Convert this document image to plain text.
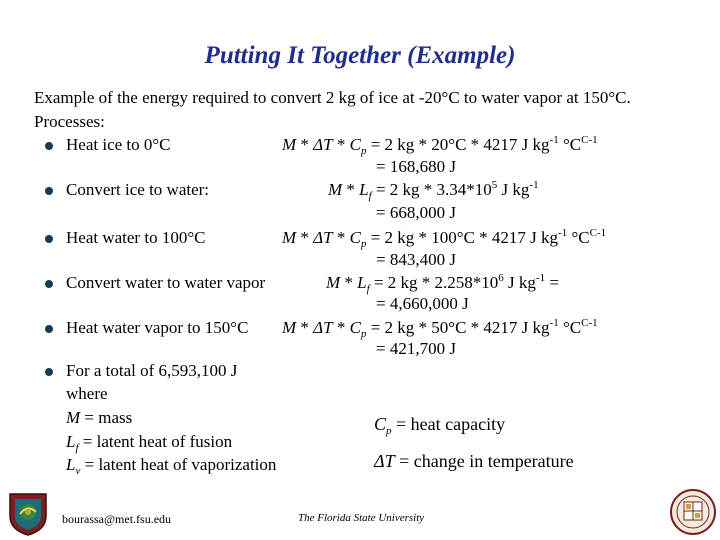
Putting It Together (Example)
Example of the energy required to convert 2 kg of ice at -20°C to water vapor at 150°C.
Processes:
Heat ice to 0°C	$M * \Delta T * C_p = 2$ kg * 20°C * 4217 J $kg^{-1}$ $^\circ C^{C-1}$
= 168,680 J
Convert ice to water:	$M * L_f = 2$ kg * $3.34*10^5$ J $kg^{-1}$
= 668,000 J
Heat water to 100°C	$M * \Delta T * C_p = 2$ kg * 100°C * 4217 J $kg^{-1}$ $^\circ C^{C-1}$
= 843,400 J
Convert water to water vapor	$M * L_f = 2$ kg * $2.258*10^6$ J $kg^{-1}$ =
= 4,660,000 J
Heat water vapor to 150°C $M * \Delta T * C_p = 2$ kg * 50°C * 4217 J $kg^{-1}$ $^\circ C^{C-1}$
= 421,700 J
For a total of 6,593,100 J
where
M = mass
$L_f$ = latent heat of fusion
$L_v$ = latent heat of vaporization
$C_p$ = heat capacity
ΔT = change in temperature
bourassa@met.fsu.edu	The Florida State University
